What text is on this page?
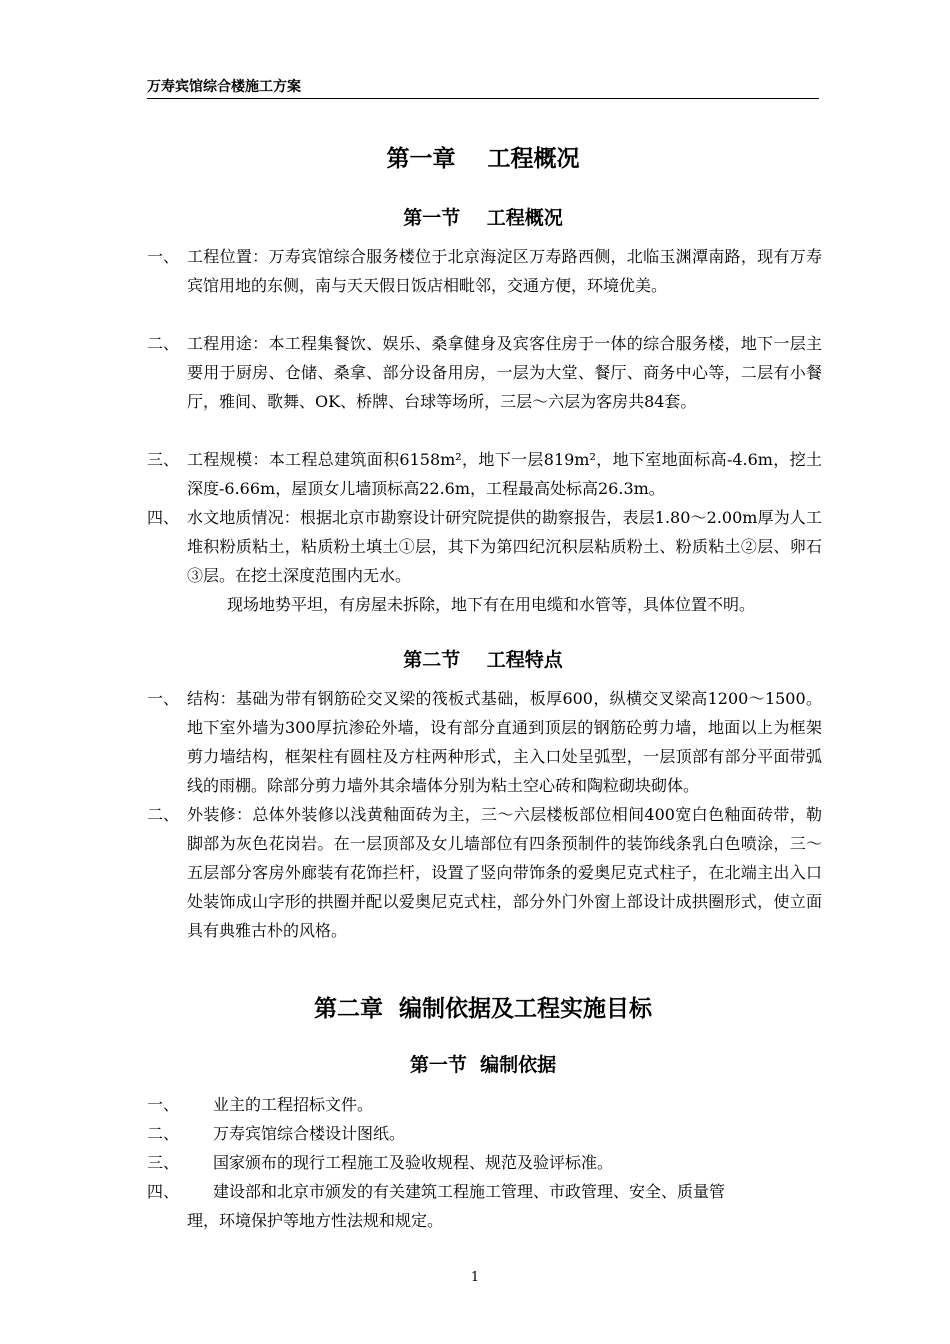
万寿宾馆综合楼施工方案
第一章    工程概况
第一节    工程概况
一、 工程位置：万寿宾馆综合服务楼位于北京海淀区万寿路西侧，北临玉渊潭南路，现有万寿宾馆用地的东侧，南与天天假日饭店相毗邻，交通方便，环境优美。
二、 工程用途：本工程集餐饮、娱乐、桑拿健身及宾客住房于一体的综合服务楼，地下一层主要用于厨房、仓储、桑拿、部分设备用房，一层为大堂、餐厅、商务中心等，二层有小餐厅，雅间、歌舞、OK、桥牌、台球等场所，三层～六层为客房共84套。
三、 工程规模：本工程总建筑面积6158m²，地下一层819m²，地下室地面标高-4.6m，挖土深度-6.66m，屋顶女儿墙顶标高22.6m，工程最高处标高26.3m。
四、 水文地质情况：根据北京市勘察设计研究院提供的勘察报告，表层1.80～2.00m厚为人工堆积粉质粘土，粘质粉土填土①层，其下为第四纪沉积层粘质粉土、粉质粘土②层、卵石③层。在挖土深度范围内无水。
现场地势平坦，有房屋未拆除，地下有在用电缆和水管等，具体位置不明。
第二节    工程特点
一、 结构：基础为带有钢筋砼交叉梁的筏板式基础，板厚600，纵横交叉梁高1200～1500。地下室外墙为300厚抗渗砼外墙，设有部分直通到顶层的钢筋砼剪力墙，地面以上为框架剪力墙结构，框架柱有圆柱及方柱两种形式，主入口处呈弧型，一层顶部有部分平面带弧线的雨棚。除部分剪力墙外其余墙体分别为粘土空心砖和陶粒砌块砌体。
二、 外装修：总体外装修以浅黄釉面砖为主，三～六层楼板部位相间400宽白色釉面砖带，勒脚部为灰色花岗岩。在一层顶部及女儿墙部位有四条预制件的装饰线条乳白色喷涂，三～五层部分客房外廊装有花饰拦杆，设置了竖向带饰条的爱奥尼克式柱子，在北端主出入口处装饰成山字形的拱圈并配以爱奥尼克式柱，部分外门外窗上部设计成拱圈形式，使立面具有典雅古朴的风格。
第二章  编制依据及工程实施目标
第一节  编制依据
一、 业主的工程招标文件。
二、 万寿宾馆综合楼设计图纸。
三、 国家颁布的现行工程施工及验收规程、规范及验评标准。
四、 建设部和北京市颁发的有关建筑工程施工管理、市政管理、安全、质量管
理，环境保护等地方性法规和规定。
1
